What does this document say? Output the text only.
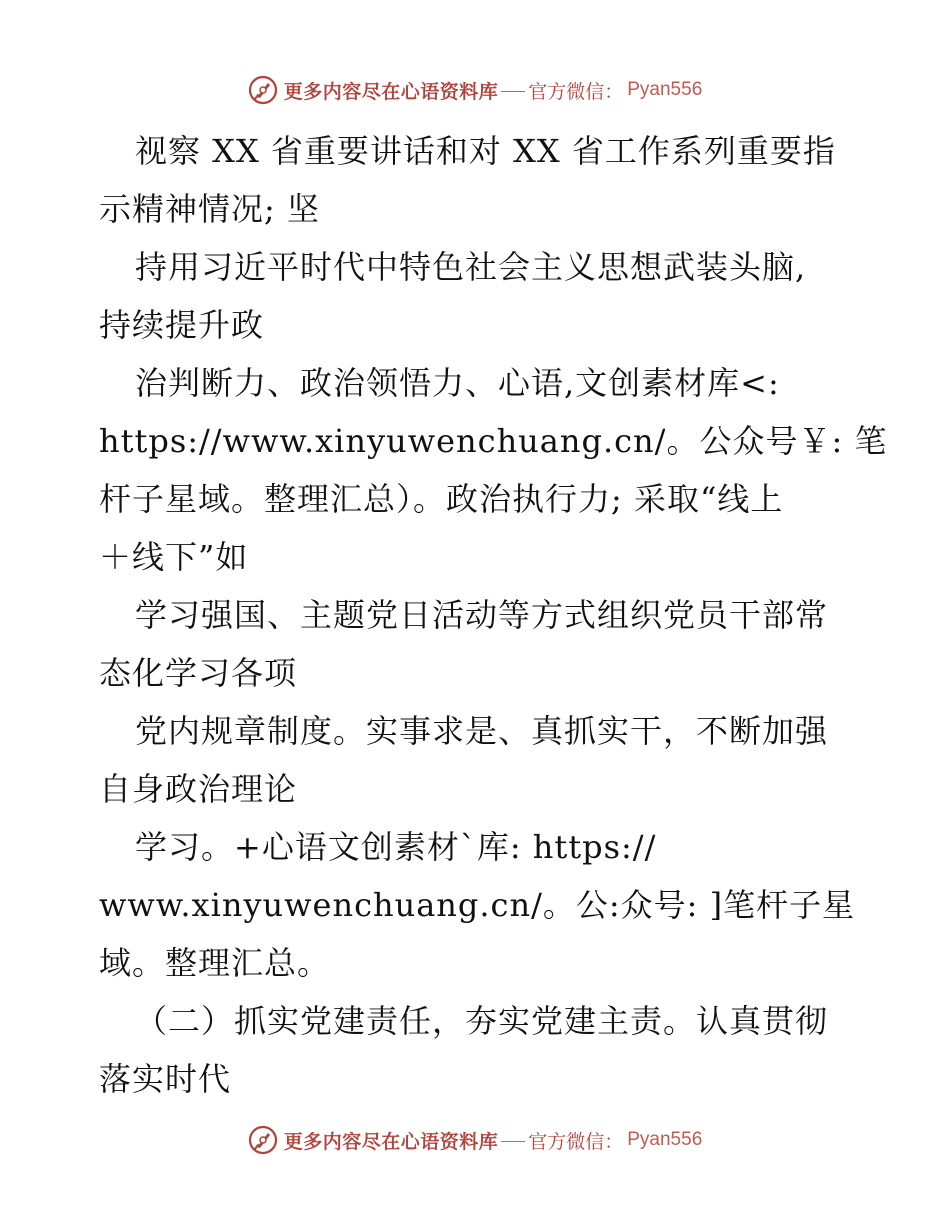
更多内容尽在心语资料库 官方微信： Pyan556
视察 XX 省重要讲话和对 XX 省工作系列重要指
示精神情况; 坚
持用习近平时代中特色社会主义思想武装头脑,
持续提升政
治判断力、政治领悟力、心语,文创素材库<:
https://www.xinyuwenchuang.cn/。公众号￥: 笔
杆子星域。整理汇总）。政治执行力; 采取“线上
＋线下”如
学习强国、主题党日活动等方式组织党员干部常
态化学习各项
党内规章制度。实事求是、真抓实干，不断加强
自身政治理论
学习。+心语文创素材`库: https://
www.xinyuwenchuang.cn/。公:众号: ]笔杆子星
域。整理汇总。
（二）抓实党建责任，夯实党建主责。认真贯彻
落实时代
更多内容尽在心语资料库 官方微信： Pyan556
